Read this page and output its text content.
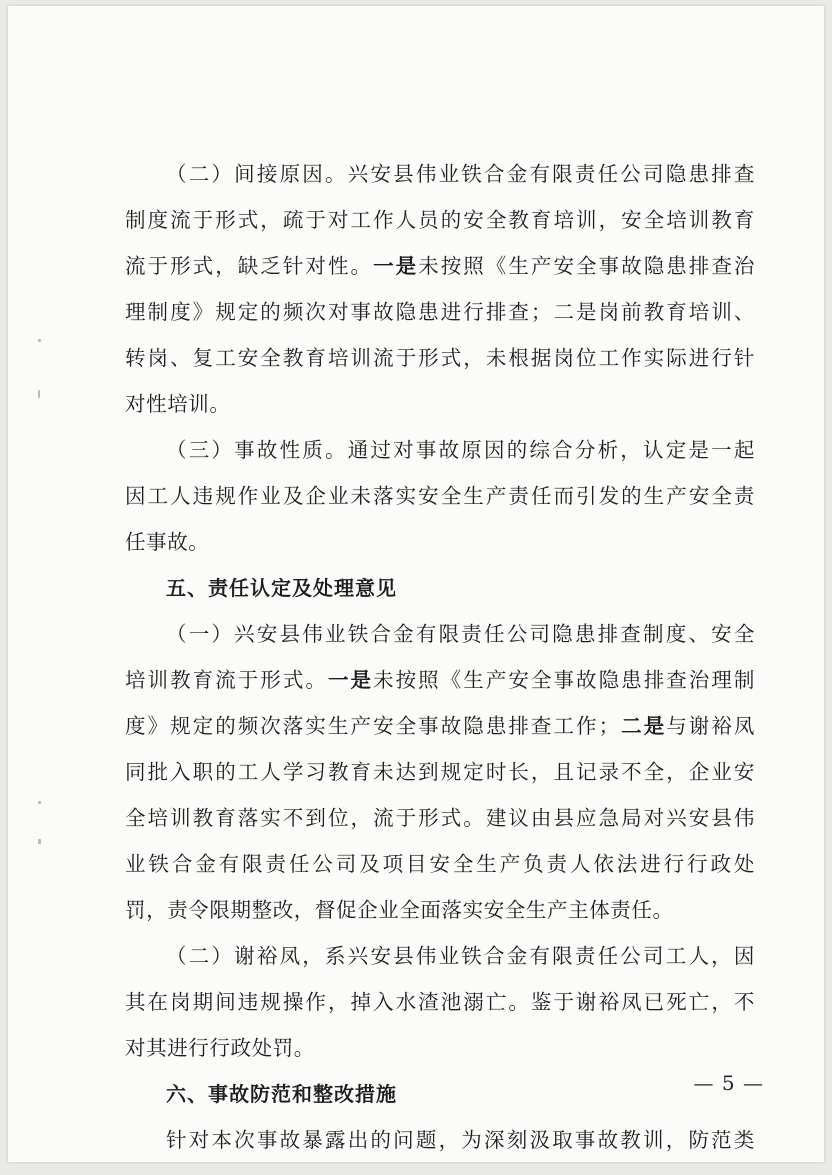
（二）间接原因。兴安县伟业铁合金有限责任公司隐患排查
制度流于形式，疏于对工作人员的安全教育培训，安全培训教育
流于形式，缺乏针对性。一是未按照《生产安全事故隐患排查治
理制度》规定的频次对事故隐患进行排查；二是岗前教育培训、
转岗、复工安全教育培训流于形式，未根据岗位工作实际进行针
对性培训。
（三）事故性质。通过对事故原因的综合分析，认定是一起
因工人违规作业及企业未落实安全生产责任而引发的生产安全责
任事故。
五、责任认定及处理意见
（一）兴安县伟业铁合金有限责任公司隐患排查制度、安全
培训教育流于形式。一是未按照《生产安全事故隐患排查治理制
度》规定的频次落实生产安全事故隐患排查工作；二是与谢裕凤
同批入职的工人学习教育未达到规定时长，且记录不全，企业安
全培训教育落实不到位，流于形式。建议由县应急局对兴安县伟
业铁合金有限责任公司及项目安全生产负责人依法进行行政处
罚，责令限期整改，督促企业全面落实安全生产主体责任。
（二）谢裕凤，系兴安县伟业铁合金有限责任公司工人，因
其在岗期间违规操作，掉入水渣池溺亡。鉴于谢裕凤已死亡，不
对其进行行政处罚。
六、事故防范和整改措施
针对本次事故暴露出的问题，为深刻汲取事故教训，防范类
— 5 —
